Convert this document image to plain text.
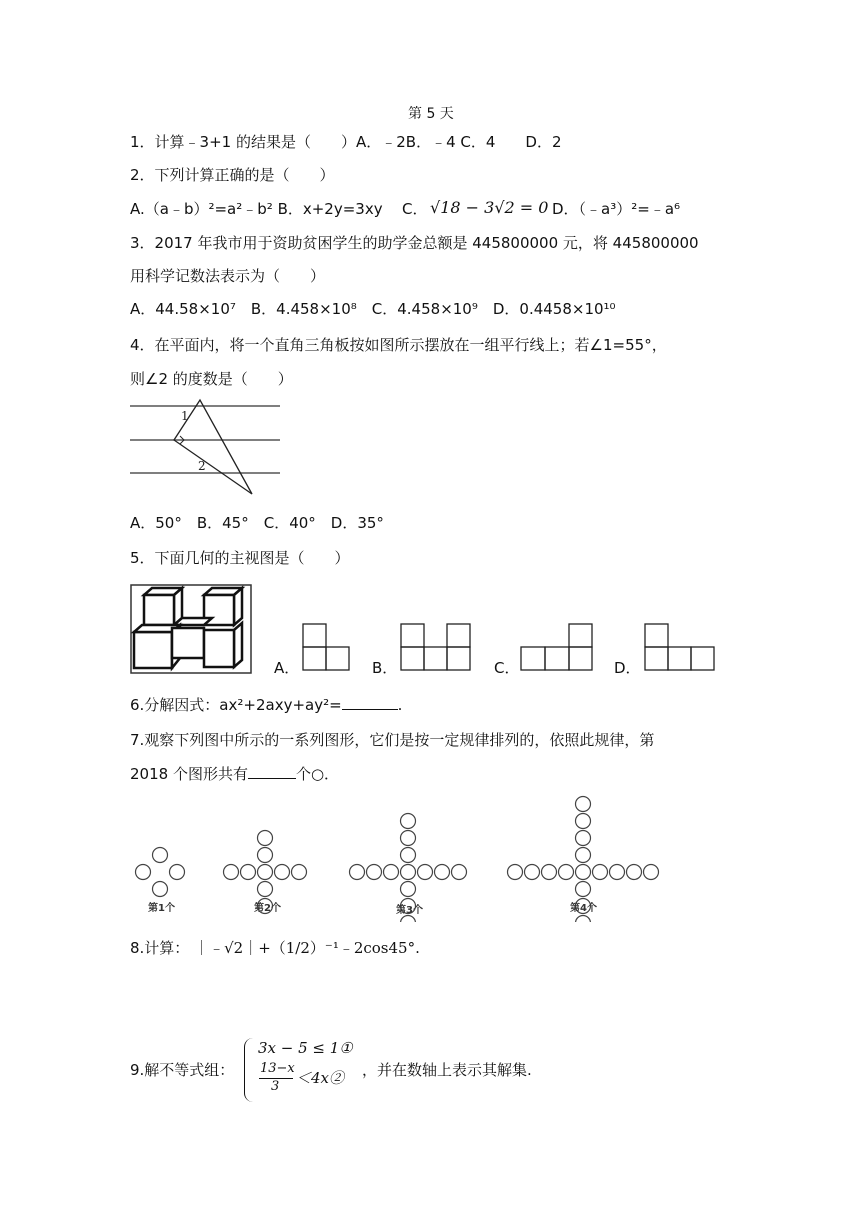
第 5 天
1．计算﹣3+1 的结果是（　　）A．﹣2B．﹣4 C．4　　D．2
2．下列计算正确的是（　　）
A.（a﹣b）²=a²﹣b² B．x+2y=3xy C． √18 − 3√2 = 0 D．（﹣a³）²=﹣a⁶
3．2017 年我市用于资助贫困学生的助学金总额是 445800000 元，将 445800000
用科学记数法表示为（　　）
A．44.58×10⁷　B．4.458×10⁸　C．4.458×10⁹　D．0.4458×10¹⁰
4．在平面内，将一个直角三角板按如图所示摆放在一组平行线上；若∠1=55°，
则∠2 的度数是（　　）
1
2
A．50°　B．45°　C．40°　D．35°
5．下面几何的主视图是（　　）
A．	B．	C．	D．
6.分解因式：ax²+2axy+ay²=	.
7.观察下列图中所示的一系列图形，它们是按一定规律排列的，依照此规律，第
2018 个图形共有	个○．
第1个	第2个	第3个	第4个
8.计算： ｜﹣√2｜+（1/2）⁻¹﹣2cos45°.
9.解不等式组：
3x − 5 ≤ 1①
13−x
3 ＜4x② ，并在数轴上表示其解集.
